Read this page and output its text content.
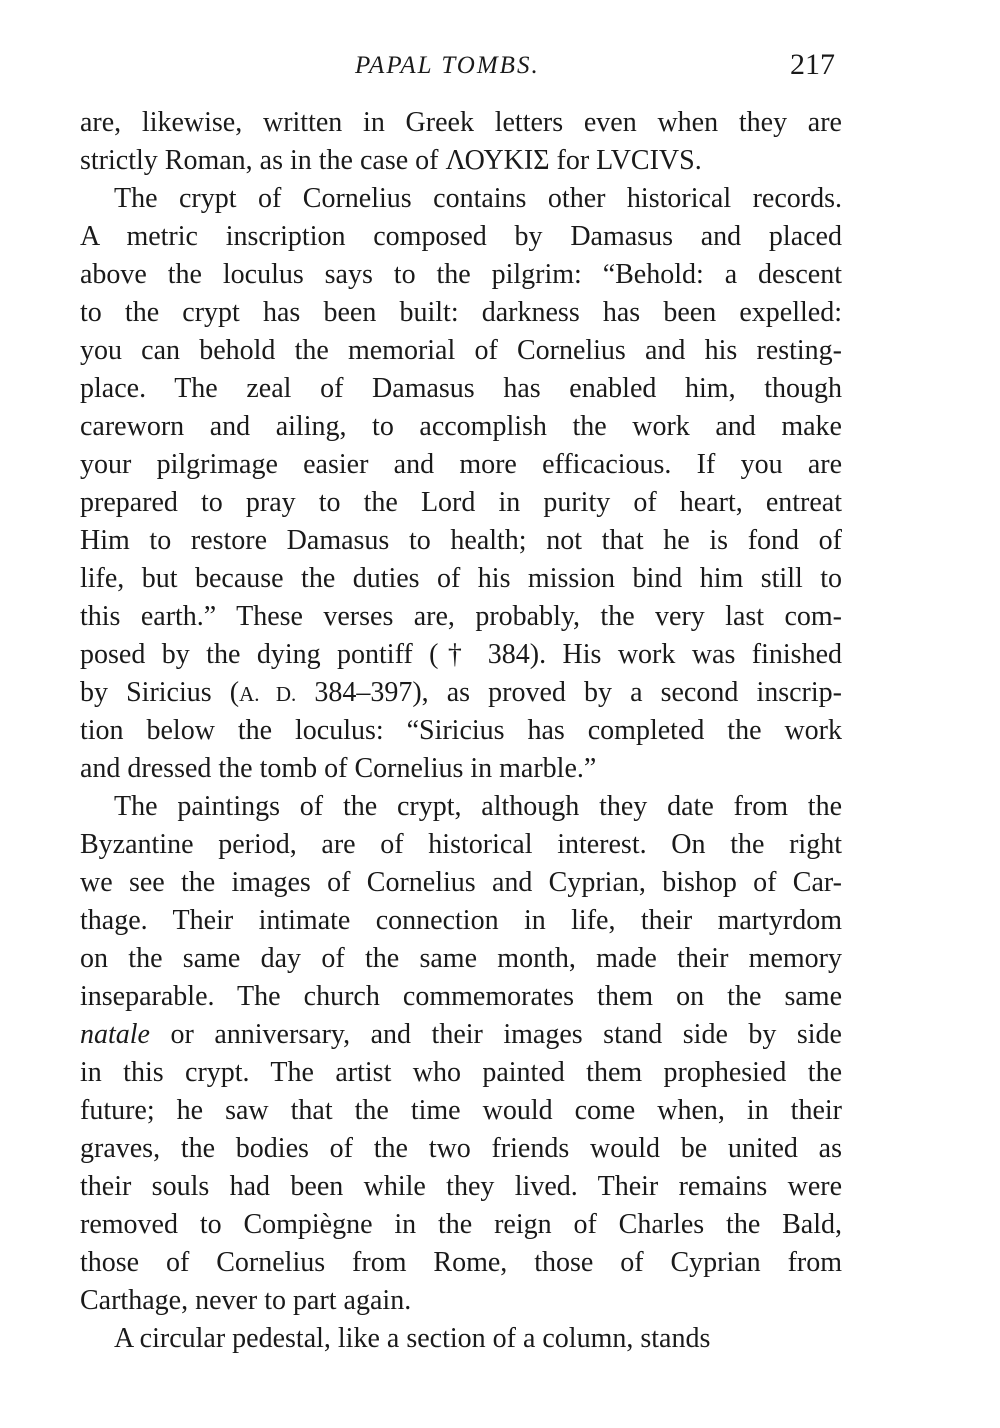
PAPAL TOMBS.	217
are, likewise, written in Greek letters even when they are
strictly Roman, as in the case of ΛΟΥΚΙΣ for LVCIVS.
The crypt of Cornelius contains other historical records.
A metric inscription composed by Damasus and placed
above the loculus says to the pilgrim: “Behold: a descent
to the crypt has been built: darkness has been expelled:
you can behold the memorial of Cornelius and his resting-
place. The zeal of Damasus has enabled him, though
careworn and ailing, to accomplish the work and make
your pilgrimage easier and more efficacious. If you are
prepared to pray to the Lord in purity of heart, entreat
Him to restore Damasus to health; not that he is fond of
life, but because the duties of his mission bind him still to
this earth.” These verses are, probably, the very last com-
posed by the dying pontiff († 384). His work was finished
by Siricius (A. D. 384–397), as proved by a second inscrip-
tion below the loculus: “Siricius has completed the work
and dressed the tomb of Cornelius in marble.”
The paintings of the crypt, although they date from the
Byzantine period, are of historical interest. On the right
we see the images of Cornelius and Cyprian, bishop of Car-
thage. Their intimate connection in life, their martyrdom
on the same day of the same month, made their memory
inseparable. The church commemorates them on the same
natale or anniversary, and their images stand side by side
in this crypt. The artist who painted them prophesied the
future; he saw that the time would come when, in their
graves, the bodies of the two friends would be united as
their souls had been while they lived. Their remains were
removed to Compiègne in the reign of Charles the Bald,
those of Cornelius from Rome, those of Cyprian from
Carthage, never to part again.
A circular pedestal, like a section of a column, stands
